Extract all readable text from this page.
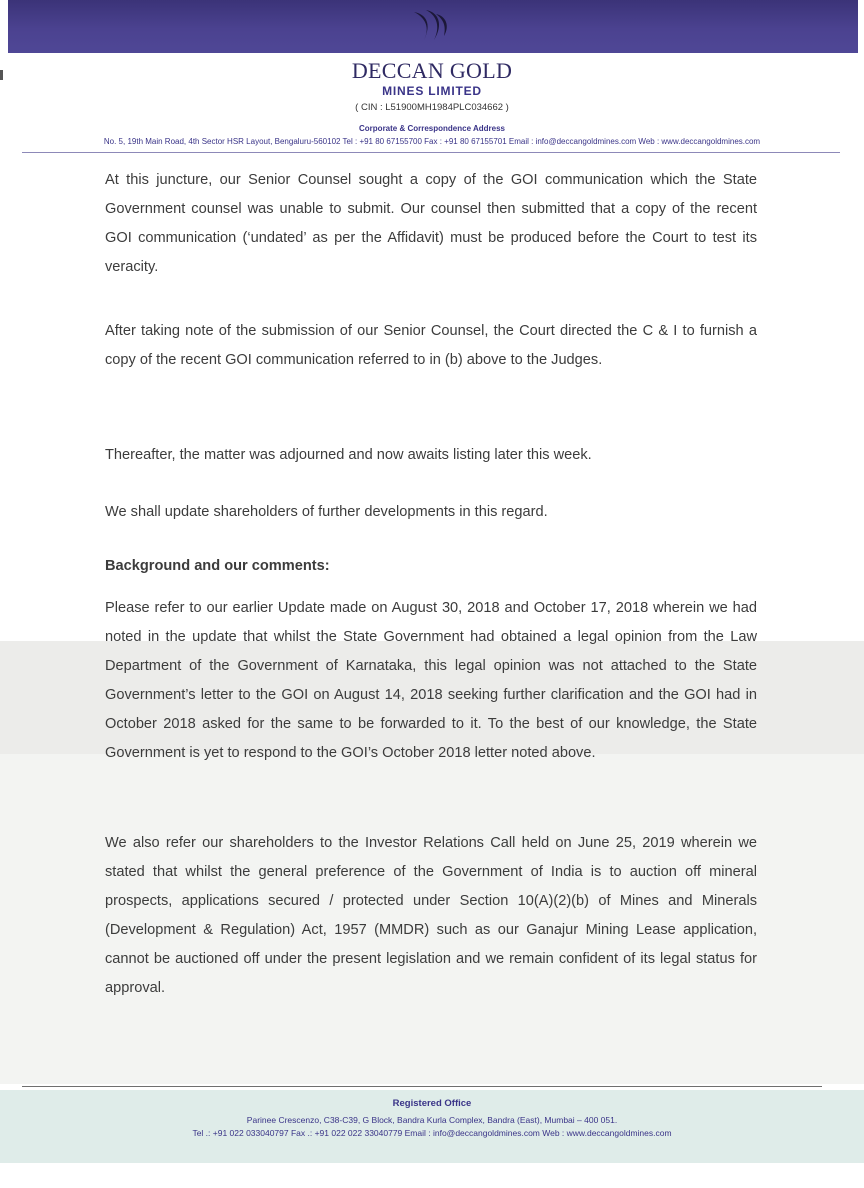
DECCAN GOLD
MINES LIMITED
( CIN : L51900MH1984PLC034662 )
Corporate & Correspondence Address
No. 5, 19th Main Road, 4th Sector HSR Layout, Bengaluru-560102 Tel : +91 80 67155700 Fax : +91 80 67155701 Email : info@deccangoldmines.com Web : www.deccangoldmines.com

At this juncture, our Senior Counsel sought a copy of the GOI communication which the State Government counsel was unable to submit. Our counsel then submitted that a copy of the recent GOI communication (‘undated’ as per the Affidavit) must be produced before the Court to test its veracity.

After taking note of the submission of our Senior Counsel, the Court directed the C & I to furnish a copy of the recent GOI communication referred to in (b) above to the Judges.

Thereafter, the matter was adjourned and now awaits listing later this week.

We shall update shareholders of further developments in this regard.

Background and our comments:

Please refer to our earlier Update made on August 30, 2018 and October 17, 2018 wherein we had noted in the update that whilst the State Government had obtained a legal opinion from the Law Department of the Government of Karnataka, this legal opinion was not attached to the State Government’s letter to the GOI on August 14, 2018 seeking further clarification and the GOI had in October 2018 asked for the same to be forwarded to it. To the best of our knowledge, the State Government is yet to respond to the GOI’s October 2018 letter noted above.

We also refer our shareholders to the Investor Relations Call held on June 25, 2019 wherein we stated that whilst the general preference of the Government of India is to auction off mineral prospects, applications secured / protected under Section 10(A)(2)(b) of Mines and Minerals (Development & Regulation) Act, 1957 (MMDR) such as our Ganajur Mining Lease application, cannot be auctioned off under the present legislation and we remain confident of its legal status for approval.

Registered Office
Parinee Crescenzo, C38-C39, G Block, Bandra Kurla Complex, Bandra (East), Mumbai – 400 051.
Tel .: +91 022 033040797 Fax .: +91 022 022 33040779 Email : info@deccangoldmines.com Web : www.deccangoldmines.com
